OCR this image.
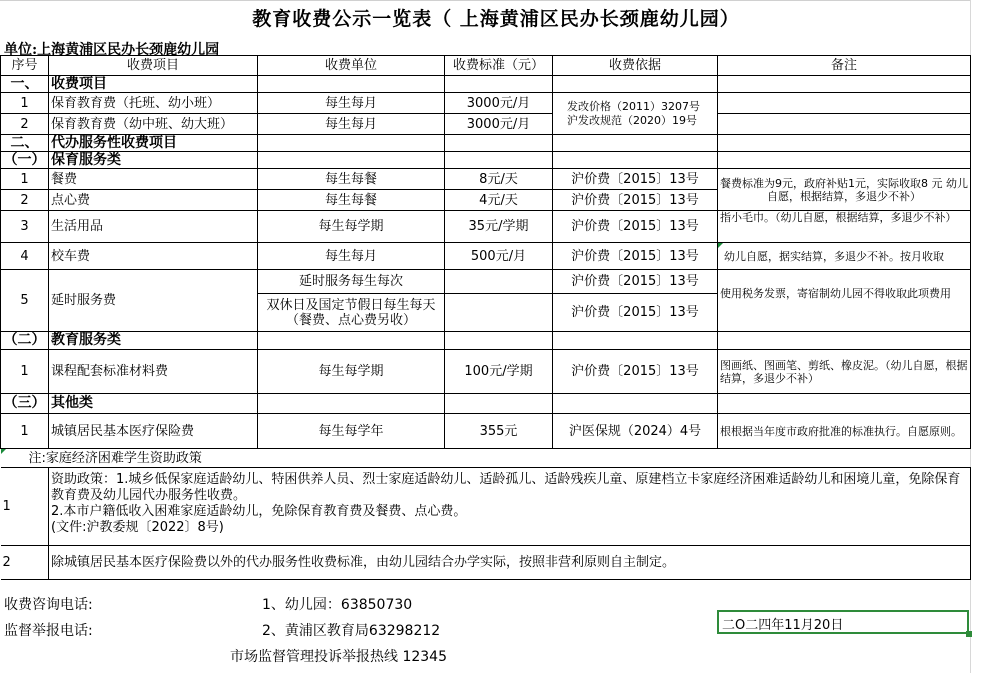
教育收费公示一览表（ 上海黄浦区民办长颈鹿幼儿园）
单位:上海黄浦区民办长颈鹿幼儿园
序号	收费项目	收费单位	收费标准（元）	收费依据	备注
一、	收费项目				
1	保育教育费（托班、幼小班）	每生每月	3000元/月	发改价格（2011）3207号
沪发改规范（2020）19号	
2	保育教育费（幼中班、幼大班）	每生每月	3000元/月		
二、	代办服务性收费项目				
（一）	保育服务类				
1	餐费	每生每餐	8元/天	沪价费〔2015〕13号	餐费标准为9元，政府补贴1元，实际收取8 元 幼儿自愿，根据结算，多退少不补）
2	点心费	每生每餐	4元/天	沪价费〔2015〕13号	
3	生活用品	每生每学期	35元/学期	沪价费〔2015〕13号	指小毛巾。（幼儿自愿，根据结算，多退少不补）
4	校车费	每生每月	500元/月	沪价费〔2015〕13号	幼儿自愿，据实结算，多退少不补。按月收取
5	延时服务费	延时服务每生每次		沪价费〔2015〕13号	使用税务发票，寄宿制幼儿园不得收取此项费用
		双休日及国定节假日每生每天（餐费、点心费另收）		沪价费〔2015〕13号	
（二）	教育服务类				
1	课程配套标准材料费	每生每学期	100元/学期	沪价费〔2015〕13号	图画纸、图画笔、剪纸、橡皮泥。（幼儿自愿，根据结算，多退少不补）
（三）	其他类				
1	城镇居民基本医疗保险费	每生每学年	355元	沪医保规（2024）4号	根根据当年度市政府批准的标准执行。自愿原则。

注:家庭经济困难学生资助政策					
1	资助政策：1.城乡低保家庭适龄幼儿、特困供养人员、烈士家庭适龄幼儿、适龄孤儿、适龄残疾儿童、原建档立卡家庭经济困难适龄幼儿和困境儿童，免除保育教育费及幼儿园代办服务性收费。
2.本市户籍低收入困难家庭适龄幼儿，免除保育教育费及餐费、点心费。
(文件:沪教委规〔2022〕8号)				
2	除城镇居民基本医疗保险费以外的代办服务性收费标准，由幼儿园结合办学实际，按照非营利原则自主制定。				
收费咨询电话:	1、幼儿园：63850730
监督举报电话:	2、黄浦区教育局63298212
市场监督管理投诉举报热线 12345
二O二四年11月20日
